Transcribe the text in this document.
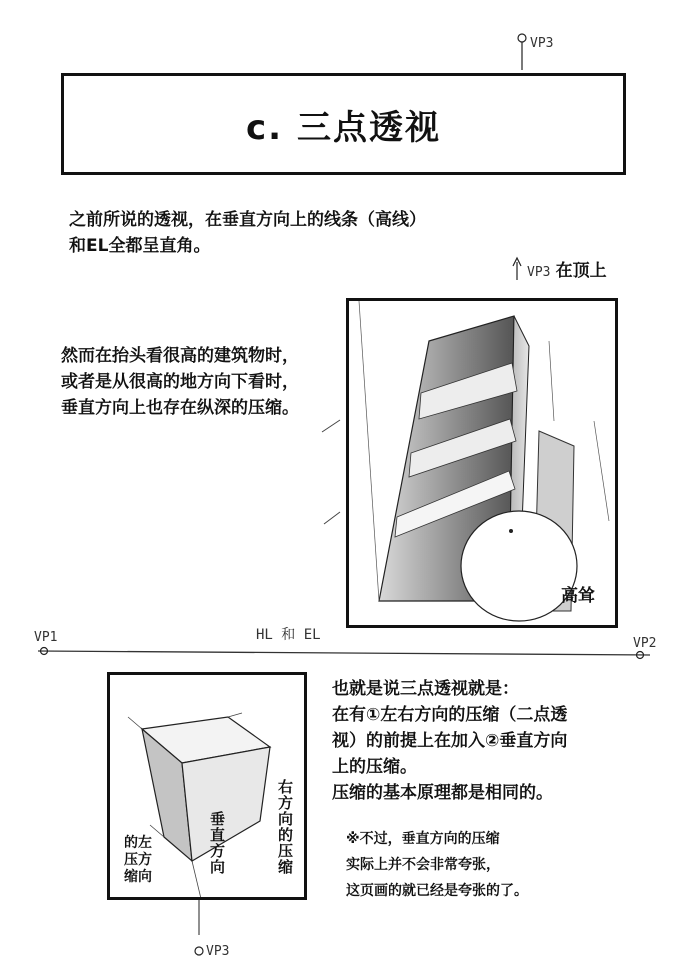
c. 三点透视
VP3
之前所说的透视，在垂直方向上的线条（高线）
和EL全都呈直角。
VP3 在顶上
然而在抬头看很高的建筑物时，
或者是从很高的地方向下看时，
垂直方向上也存在纵深的压缩。
高耸
VP1	HL 和 EL
VP2
的左
压方
缩向
垂直方向	右方向的压缩
VP3
也就是说三点透视就是：
在有①左右方向的压缩（二点透
视）的前提上在加入②垂直方向
上的压缩。
压缩的基本原理都是相同的。
※不过，垂直方向的压缩
实际上并不会非常夸张，
这页画的就已经是夸张的了。
